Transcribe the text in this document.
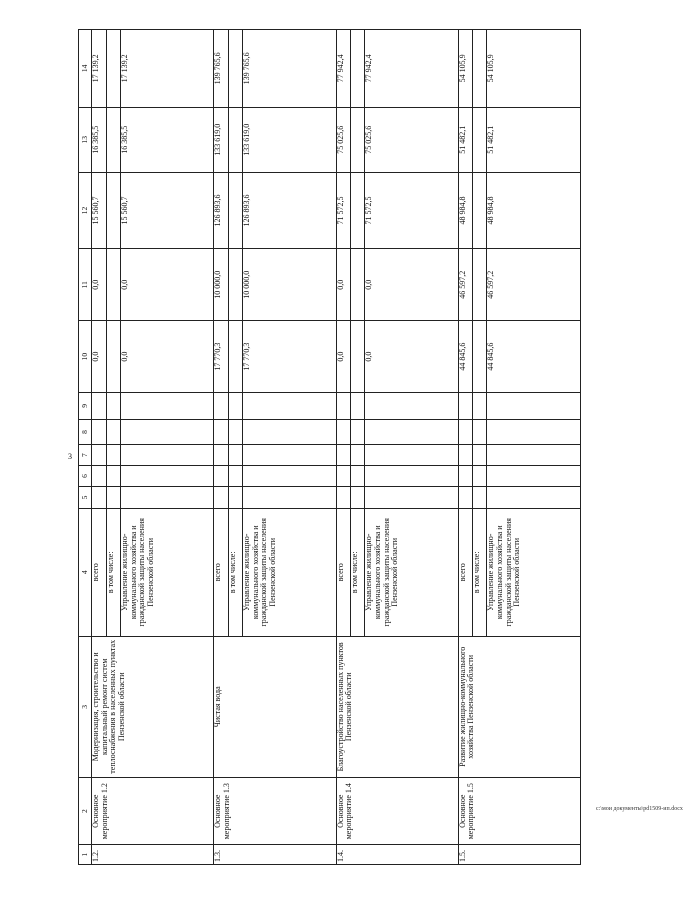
3
c:\мои документы\pd1509-ип.docx
1	2	3	4	5	6	7	8	9	10	11	12	13	14
1.2.	Основное мероприятие 1.2	Модернизация, строительство и капитальный ремонт систем теплоснабжения в населенных пунктах Пензенской области	всего						0,0	0,0	15 560,7	16 385,5	17 139,2
			в том числе:										
			Управление жилищно-коммунального хозяйства и гражданской защиты населения Пензенской области						0,0	0,0	15 560,7	16 385,5	17 139,2
1.3.	Основное мероприятие 1.3	Чистая вода	всего						17 770,3	10 000,0	126 893,6	133 619,0	139 765,6
			в том числе:										
			Управление жилищно-коммунального хозяйства и гражданской защиты населения Пензенской области						17 770,3	10 000,0	126 893,6	133 619,0	139 765,6
1.4.	Основное мероприятие 1.4	Благоустройство населенных пунктов Пензенской области	всего						0,0	0,0	71 572,5	75 025,6	77 942,4
			в том числе:										
			Управление жилищно-коммунального хозяйства и гражданской защиты населения Пензенской области						0,0	0,0	71 572,5	75 025,6	77 942,4
1.5.	Основное мероприятие 1.5	Развитие жилищно-коммунального хозяйства Пензенской области	всего						44 845,6	46 597,2	48 984,8	51 482,1	54 105,9
			в том числе:										
			Управление жилищно-коммунального хозяйства и гражданской защиты населения Пензенской области						44 845,6	46 597,2	48 984,8	51 482,1	54 105,9
